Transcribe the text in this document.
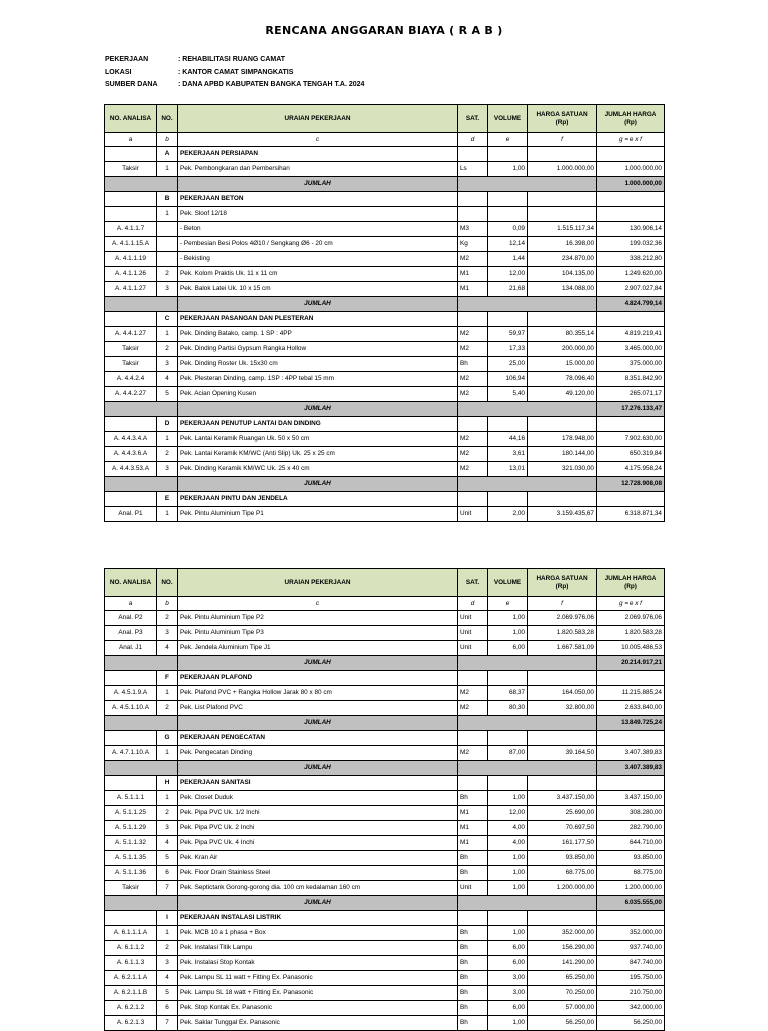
RENCANA ANGGARAN BIAYA ( R A B )
PEKERJAAN	: REHABILITASI RUANG CAMAT
LOKASI	: KANTOR CAMAT SIMPANGKATIS
SUMBER DANA	: DANA APBD KABUPATEN BANGKA TENGAH T.A. 2024
NO. ANALISA	NO.	URAIAN PEKERJAAN	SAT.	VOLUME	HARGA SATUAN (Rp)	JUMLAH HARGA (Rp)
a	b	c	d	e	f	g = e x f
	A	PEKERJAAN PERSIAPAN				
Taksir	1	Pek. Pembongkaran dan Pembersihan	Ls	1,00	1.000.000,00	1.000.000,00
		JUMLAH				1.000.000,00
	B	PEKERJAAN BETON				
	1	Pek. Sloof 12/18				
A. 4.1.1.7		- Beton	M3	0,09	1.515.117,34	130.906,14
A. 4.1.1.15.A		- Pembesian Besi Polos 4Ø10 / Sengkang Ø6 - 20 cm	Kg	12,14	16.398,00	199.032,36
A. 4.1.1.19		- Bekisting	M2	1,44	234.870,00	338.212,80
A. 4.1.1.26	2	Pek. Kolom Praktis Uk. 11 x 11 cm	M1	12,00	104.135,00	1.249.620,00
A. 4.1.1.27	3	Pek. Balok Latei Uk. 10 x 15 cm	M1	21,68	134.088,00	2.907.027,84
		JUMLAH				4.824.799,14
	C	PEKERJAAN PASANGAN DAN PLESTERAN				
A. 4.4.1.27	1	Pek. Dinding Batako, camp. 1 SP : 4PP	M2	59,97	80.355,14	4.819.219,41
Taksir	2	Pek. Dinding Partisi Gypsum Rangka Hollow	M2	17,33	200.000,00	3.465.000,00
Taksir	3	Pek. Dinding Roster Uk. 15x30 cm	Bh	25,00	15.000,00	375.000,00
A. 4.4.2.4	4	Pek. Plesteran Dinding, camp. 1SP : 4PP tebal 15 mm	M2	106,94	78.096,40	8.351.842,90
A. 4.4.2.27	5	Pek. Acian Opening Kusen	M2	5,40	49.120,00	265.071,17
		JUMLAH				17.276.133,47
	D	PEKERJAAN PENUTUP LANTAI DAN DINDING				
A. 4.4.3.4.A	1	Pek. Lantai Keramik Ruangan Uk. 50 x 50 cm	M2	44,16	178.948,00	7.902.630,00
A. 4.4.3.6.A	2	Pek. Lantai Keramik KM/WC (Anti Slip) Uk. 25 x 25 cm	M2	3,61	180.144,00	650.319,84
A. 4.4.3.53.A	3	Pek. Dinding Keramik KM/WC Uk. 25 x 40 cm	M2	13,01	321.030,00	4.175.958,24
		JUMLAH				12.728.908,08
	E	PEKERJAAN PINTU DAN JENDELA				
Anal. P1	1	Pek. Pintu Aluminium Tipe P1	Unit	2,00	3.159.435,67	6.318.871,34
NO. ANALISA	NO.	URAIAN PEKERJAAN	SAT.	VOLUME	HARGA SATUAN (Rp)	JUMLAH HARGA (Rp)
a	b	c	d	e	f	g = e x f
Anal. P2	2	Pek. Pintu Aluminium Tipe P2	Unit	1,00	2.069.976,06	2.069.976,06
Anal. P3	3	Pek. Pintu Aluminium Tipe P3	Unit	1,00	1.820.583,28	1.820.583,28
Anal. J1	4	Pek. Jendela Aluminium Tipe J1	Unit	6,00	1.667.581,09	10.005.486,53
		JUMLAH				20.214.917,21
	F	PEKERJAAN PLAFOND				
A. 4.5.1.9.A	1	Pek. Plafond PVC + Rangka Hollow Jarak 80 x 80 cm	M2	68,37	164.050,00	11.215.885,24
A. 4.5.1.10.A	2	Pek. List Plafond PVC	M2	80,30	32.800,00	2.633.840,00
		JUMLAH				13.849.725,24
	G	PEKERJAAN PENGECATAN				
A. 4.7.1.10.A	1	Pek. Pengecatan Dinding	M2	87,00	39.164,50	3.407.389,83
		JUMLAH				3.407.389,83
	H	PEKERJAAN SANITASI				
A. 5.1.1.1	1	Pek. Closet Duduk	Bh	1,00	3.437.150,00	3.437.150,00
A. 5.1.1.25	2	Pek. Pipa PVC Uk. 1/2 Inchi	M1	12,00	25.690,00	308.280,00
A. 5.1.1.29	3	Pek. Pipa PVC Uk. 2 Inchi	M1	4,00	70.697,50	282.790,00
A. 5.1.1.32	4	Pek. Pipa PVC Uk. 4 Inchi	M1	4,00	161.177,50	644.710,00
A. 5.1.1.35	5	Pek. Kran Air	Bh	1,00	93.850,00	93.850,00
A. 5.1.1.36	6	Pek. Floor Drain Stainless Steel	Bh	1,00	68.775,00	68.775,00
Taksir	7	Pek. Septictank Gorong-gorong dia. 100 cm kedalaman 160 cm	Unit	1,00	1.200.000,00	1.200.000,00
		JUMLAH				6.035.555,00
	I	PEKERJAAN INSTALASI LISTRIK				
A. 6.1.1.1.A	1	Pek. MCB 10 a 1 phasa + Box	Bh	1,00	352.000,00	352.000,00
A. 6.1.1.2	2	Pek. Instalasi Titik Lampu	Bh	6,00	156.290,00	937.740,00
A. 6.1.1.3	3	Pek. Instalasi Stop Kontak	Bh	6,00	141.290,00	847.740,00
A. 6.2.1.1.A	4	Pek. Lampu SL 11 watt + Fitting Ex. Panasonic	Bh	3,00	65.250,00	195.750,00
A. 6.2.1.1.B	5	Pek. Lampu SL 18 watt + Fitting Ex. Panasonic	Bh	3,00	70.250,00	210.750,00
A. 6.2.1.2	6	Pek. Stop Kontak Ex. Panasonic	Bh	6,00	57.000,00	342.000,00
A. 6.2.1.3	7	Pek. Saklar Tunggal Ex. Panasonic	Bh	1,00	56.250,00	56.250,00
